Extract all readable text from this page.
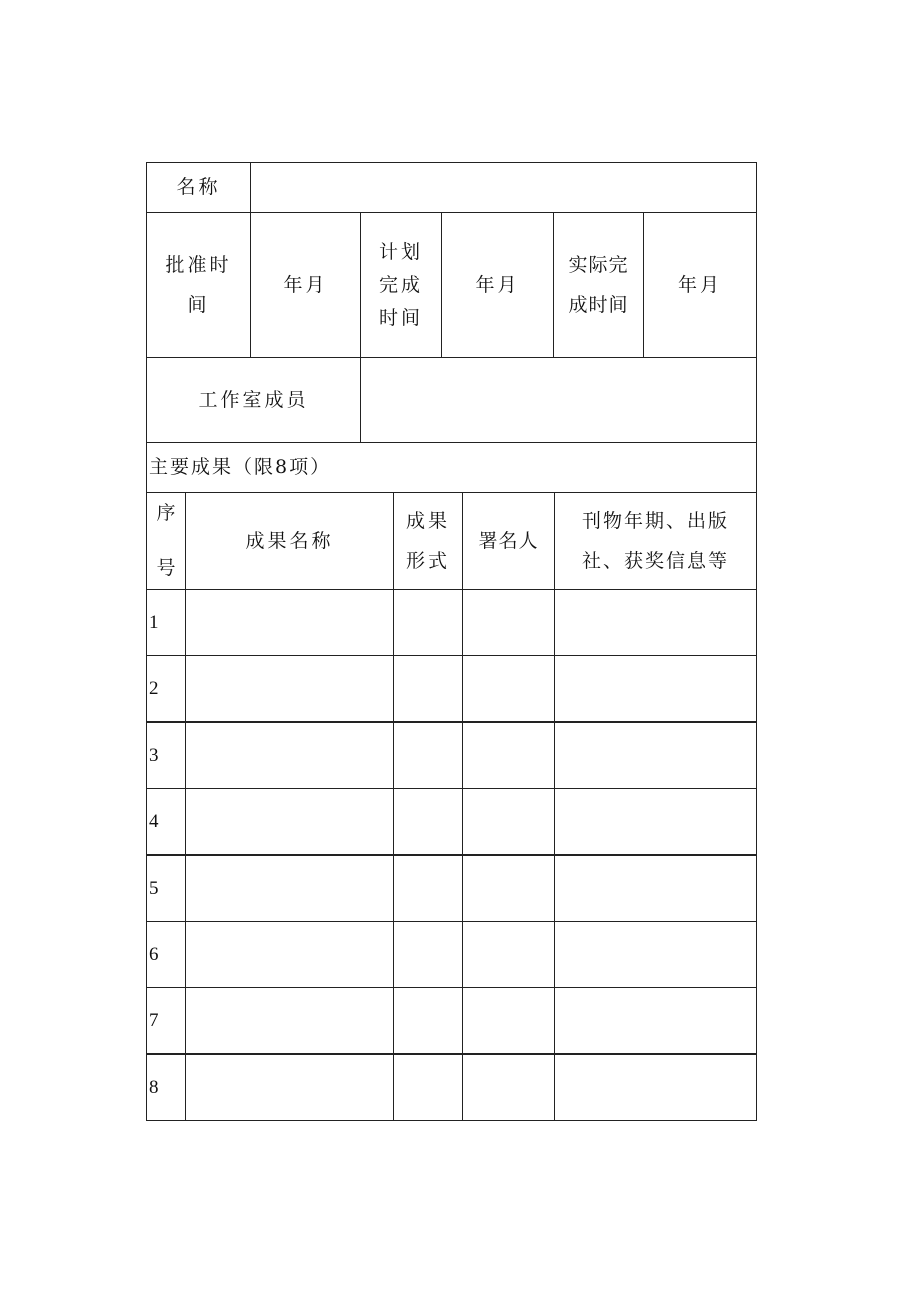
名称
批准时
间
年月
计划
完成
时间
年月
实际完
成时间
年月
工作室成员
主要成果（限8项）
序
号
成果名称
成果
形式
署名人
刊物年期、出版
社、获奖信息等
1
2
3
4
5
6
7
8
